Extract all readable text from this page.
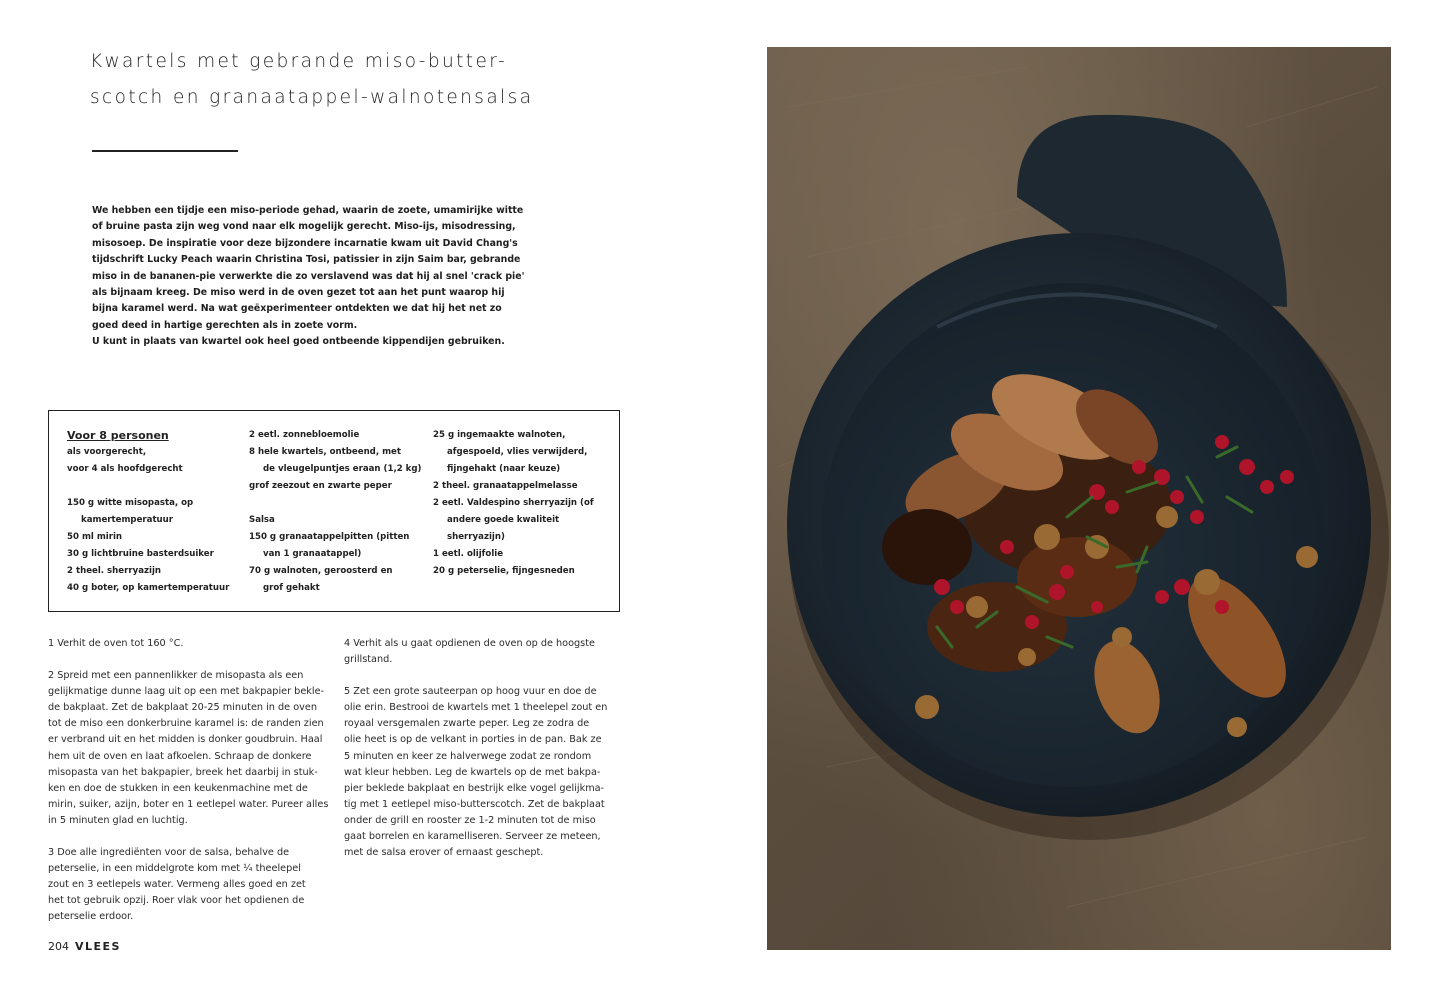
Kwartels met gebrande miso-butter-
scotch en granaatappel-walnotensalsa

We hebben een tijdje een miso-periode gehad, waarin de zoete, umamirijke witte
of bruine pasta zijn weg vond naar elk mogelijk gerecht. Miso-ijs, misodressing,
misosoep. De inspiratie voor deze bijzondere incarnatie kwam uit David Chang's
tijdschrift Lucky Peach waarin Christina Tosi, patissier in zijn Saim bar, gebrande
miso in de bananen-pie verwerkte die zo verslavend was dat hij al snel 'crack pie'
als bijnaam kreeg. De miso werd in de oven gezet tot aan het punt waarop hij
bijna karamel werd. Na wat geëxperimenteer ontdekten we dat hij het net zo
goed deed in hartige gerechten als in zoete vorm.
U kunt in plaats van kwartel ook heel goed ontbeende kippendijen gebruiken.

Voor 8 personen
als voorgerecht,
voor 4 als hoofdgerecht
150 g witte misopasta, op
kamertemperatuur
50 ml mirin
30 g lichtbruine basterdsuiker
2 theel. sherryazijn
40 g boter, op kamertemperatuur
2 eetl. zonnebloemolie
8 hele kwartels, ontbeend, met
de vleugelpuntjes eraan (1,2 kg)
grof zeezout en zwarte peper
Salsa
150 g granaatappelpitten (pitten
van 1 granaatappel)
70 g walnoten, geroosterd en
grof gehakt
25 g ingemaakte walnoten,
afgespoeld, vlies verwijderd,
fijngehakt (naar keuze)
2 theel. granaatappelmelasse
2 eetl. Valdespino sherryazijn (of
andere goede kwaliteit
sherryazijn)
1 eetl. olijfolie
20 g peterselie, fijngesneden

1 Verhit de oven tot 160 °C.

2 Spreid met een pannenlikker de misopasta als een
gelijkmatige dunne laag uit op een met bakpapier bekle-
de bakplaat. Zet de bakplaat 20-25 minuten in de oven
tot de miso een donkerbruine karamel is: de randen zien
er verbrand uit en het midden is donker goudbruin. Haal
hem uit de oven en laat afkoelen. Schraap de donkere
misopasta van het bakpapier, breek het daarbij in stuk-
ken en doe de stukken in een keukenmachine met de
mirin, suiker, azijn, boter en 1 eetlepel water. Pureer alles
in 5 minuten glad en luchtig.

3 Doe alle ingrediënten voor de salsa, behalve de
peterselie, in een middelgrote kom met ¼ theelepel
zout en 3 eetlepels water. Vermeng alles goed en zet
het tot gebruik opzij. Roer vlak voor het opdienen de
peterselie erdoor.

4 Verhit als u gaat opdienen de oven op de hoogste
grillstand.

5 Zet een grote sauteerpan op hoog vuur en doe de
olie erin. Bestrooi de kwartels met 1 theelepel zout en
royaal versgemalen zwarte peper. Leg ze zodra de
olie heet is op de velkant in porties in de pan. Bak ze
5 minuten en keer ze halverwege zodat ze rondom
wat kleur hebben. Leg de kwartels op de met bakpa-
pier beklede bakplaat en bestrijk elke vogel gelijkma-
tig met 1 eetlepel miso-butterscotch. Zet de bakplaat
onder de grill en rooster ze 1-2 minuten tot de miso
gaat borrelen en karamelliseren. Serveer ze meteen,
met de salsa erover of ernaast geschept.

204 VLEES
